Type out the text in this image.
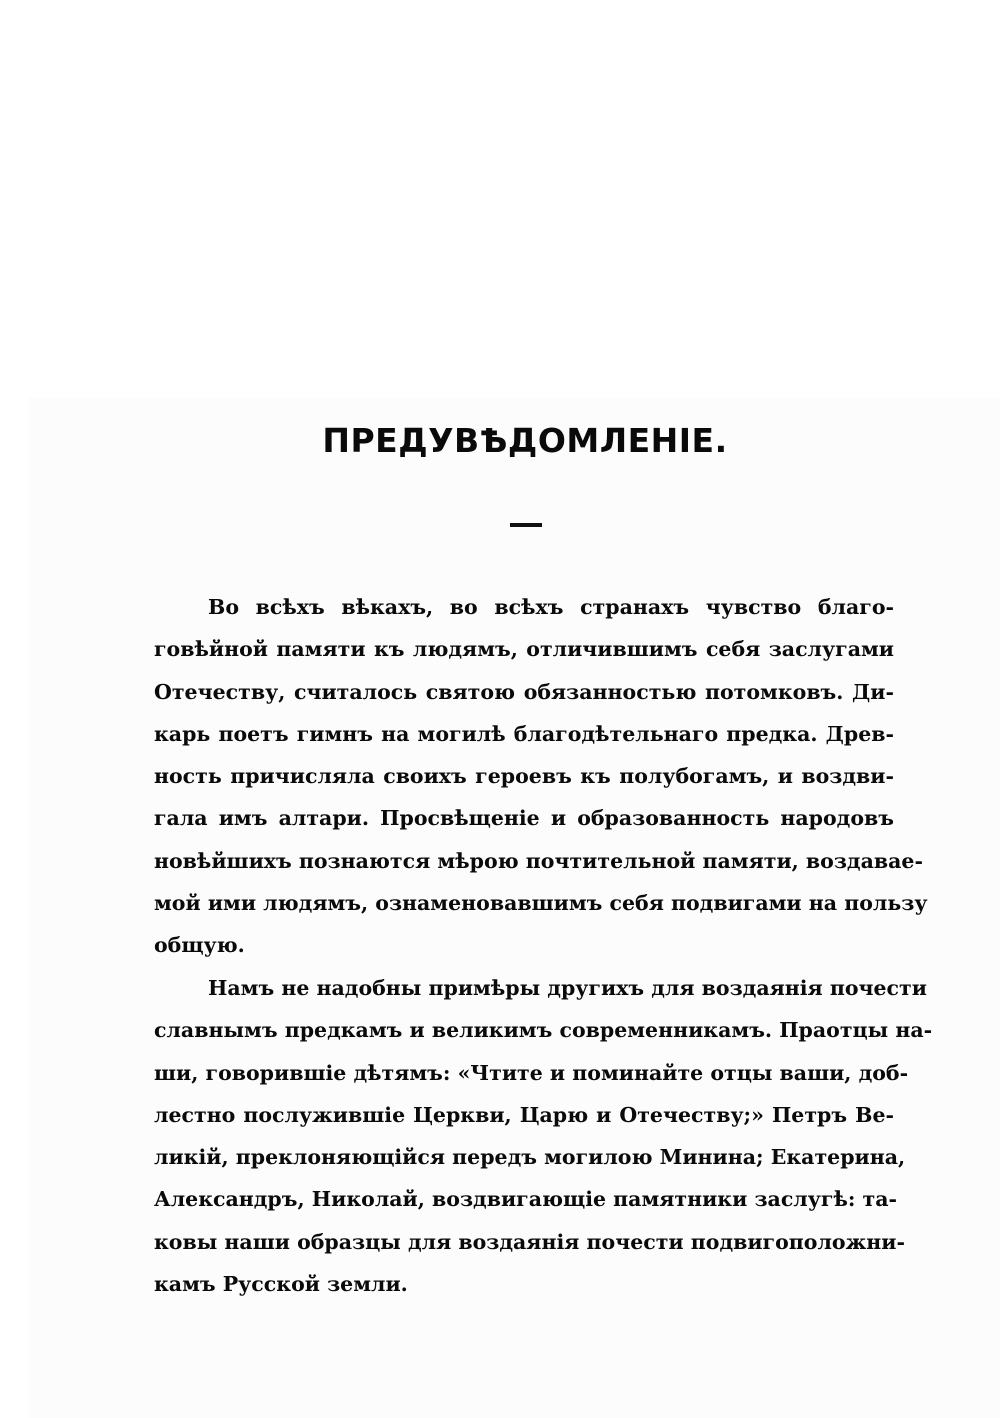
ПРЕДУВѢДОМЛЕНІЕ.
Во всѣхъ вѣкахъ, во всѣхъ странахъ чувство благо-
говѣйной памяти къ людямъ, отличившимъ себя заслугами
Отечеству, считалось святою обязанностью потомковъ. Ди-
карь поетъ гимнъ на могилѣ благодѣтельнаго предка. Древ-
ность причисляла своихъ героевъ къ полубогамъ, и воздви-
гала имъ алтари. Просвѣщеніе и образованность народовъ
новѣйшихъ познаются мѣрою почтительной памяти, воздавае-
мой ими людямъ, ознаменовавшимъ себя подвигами на пользу
общую.
Намъ не надобны примѣры другихъ для воздаянія почести
славнымъ предкамъ и великимъ современникамъ. Праотцы на-
ши, говорившіе дѣтямъ: «Чтите и поминайте отцы ваши, доб-
лестно послужившіе Церкви, Царю и Отечеству;» Петръ Ве-
ликій, преклоняющійся передъ могилою Минина; Екатерина,
Александръ, Николай, воздвигающіе памятники заслугѣ: та-
ковы наши образцы для воздаянія почести подвигоположни-
камъ Русской земли.
